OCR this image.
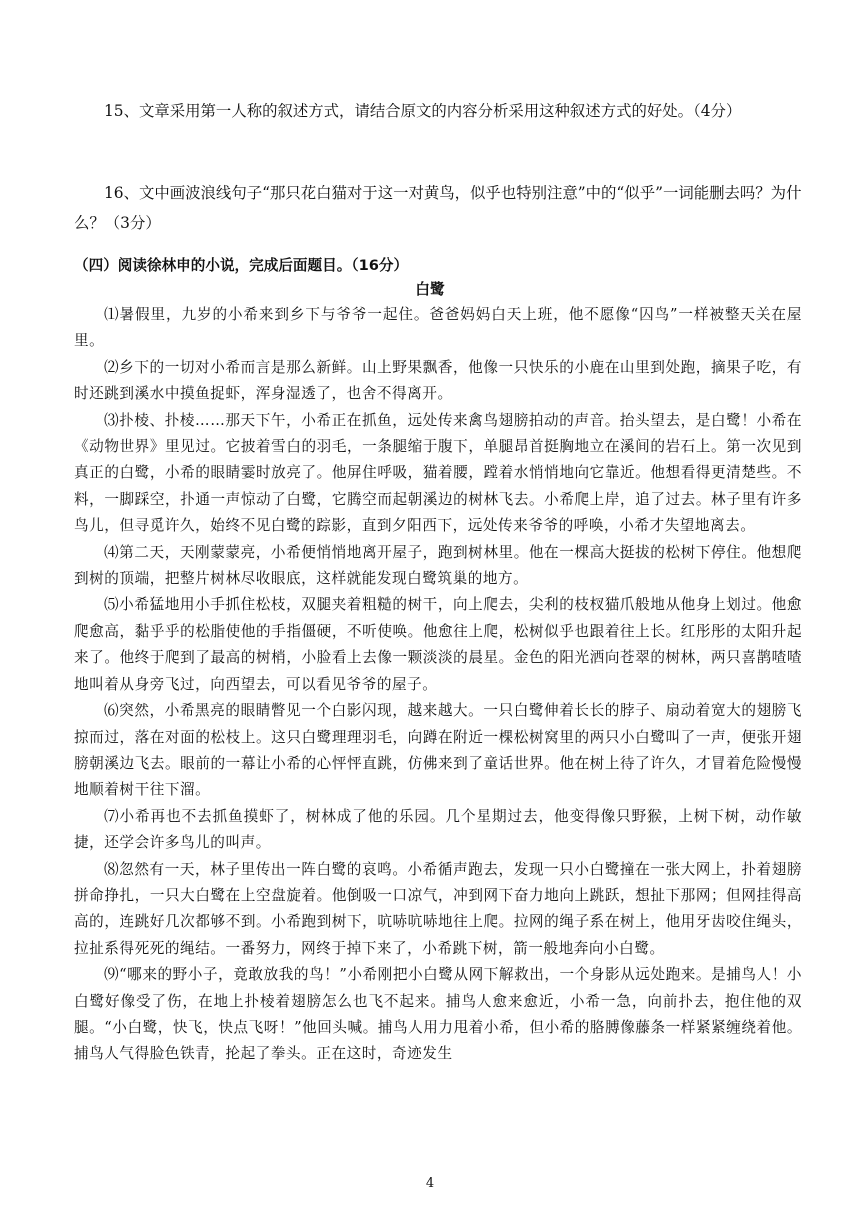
15、文章采用第一人称的叙述方式，请结合原文的内容分析采用这种叙述方式的好处。（4分）

16、文中画波浪线句子“那只花白猫对于这一对黄鸟，似乎也特别注意”中的“似乎”一词能删去吗？为什么？（3分）

（四）阅读徐林申的小说，完成后面题目。（16分）

白鹭

⑴暑假里，九岁的小希来到乡下与爷爷一起住。爸爸妈妈白天上班，他不愿像“囚鸟”一样被整天关在屋里。

⑵乡下的一切对小希而言是那么新鲜。山上野果飘香，他像一只快乐的小鹿在山里到处跑，摘果子吃，有时还跳到溪水中摸鱼捉虾，浑身湿透了，也舍不得离开。

⑶扑棱、扑棱……那天下午，小希正在抓鱼，远处传来禽鸟翅膀拍动的声音。抬头望去，是白鹭！小希在《动物世界》里见过。它披着雪白的羽毛，一条腿缩于腹下，单腿昂首挺胸地立在溪间的岩石上。第一次见到真正的白鹭，小希的眼睛霎时放亮了。他屏住呼吸，猫着腰，蹚着水悄悄地向它靠近。他想看得更清楚些。不料，一脚踩空，扑通一声惊动了白鹭，它腾空而起朝溪边的树林飞去。小希爬上岸，追了过去。林子里有许多鸟儿，但寻觅许久，始终不见白鹭的踪影，直到夕阳西下，远处传来爷爷的呼唤，小希才失望地离去。

⑷第二天，天刚蒙蒙亮，小希便悄悄地离开屋子，跑到树林里。他在一棵高大挺拔的松树下停住。他想爬到树的顶端，把整片树林尽收眼底，这样就能发现白鹭筑巢的地方。

⑸小希猛地用小手抓住松枝，双腿夹着粗糙的树干，向上爬去，尖利的枝杈猫爪般地从他身上划过。他愈爬愈高，黏乎乎的松脂使他的手指僵硬，不听使唤。他愈往上爬，松树似乎也跟着往上长。红彤彤的太阳升起来了。他终于爬到了最高的树梢，小脸看上去像一颗淡淡的晨星。金色的阳光洒向苍翠的树林，两只喜鹊喳喳地叫着从身旁飞过，向西望去，可以看见爷爷的屋子。

⑹突然，小希黑亮的眼睛瞥见一个白影闪现，越来越大。一只白鹭伸着长长的脖子、扇动着宽大的翅膀飞掠而过，落在对面的松枝上。这只白鹭理理羽毛，向蹲在附近一棵松树窝里的两只小白鹭叫了一声，便张开翅膀朝溪边飞去。眼前的一幕让小希的心怦怦直跳，仿佛来到了童话世界。他在树上待了许久，才冒着危险慢慢地顺着树干往下溜。

⑺小希再也不去抓鱼摸虾了，树林成了他的乐园。几个星期过去，他变得像只野猴，上树下树，动作敏捷，还学会许多鸟儿的叫声。

⑻忽然有一天，林子里传出一阵白鹭的哀鸣。小希循声跑去，发现一只小白鹭撞在一张大网上，扑着翅膀拼命挣扎，一只大白鹭在上空盘旋着。他倒吸一口凉气，冲到网下奋力地向上跳跃，想扯下那网；但网挂得高高的，连跳好几次都够不到。小希跑到树下，吭哧吭哧地往上爬。拉网的绳子系在树上，他用牙齿咬住绳头，拉扯系得死死的绳结。一番努力，网终于掉下来了，小希跳下树，箭一般地奔向小白鹭。

⑼“哪来的野小子，竟敢放我的鸟！”小希刚把小白鹭从网下解救出，一个身影从远处跑来。是捕鸟人！小白鹭好像受了伤，在地上扑棱着翅膀怎么也飞不起来。捕鸟人愈来愈近，小希一急，向前扑去，抱住他的双腿。“小白鹭，快飞，快点飞呀！”他回头喊。捕鸟人用力甩着小希，但小希的胳膊像藤条一样紧紧缠绕着他。捕鸟人气得脸色铁青，抡起了拳头。正在这时，奇迹发生

4
